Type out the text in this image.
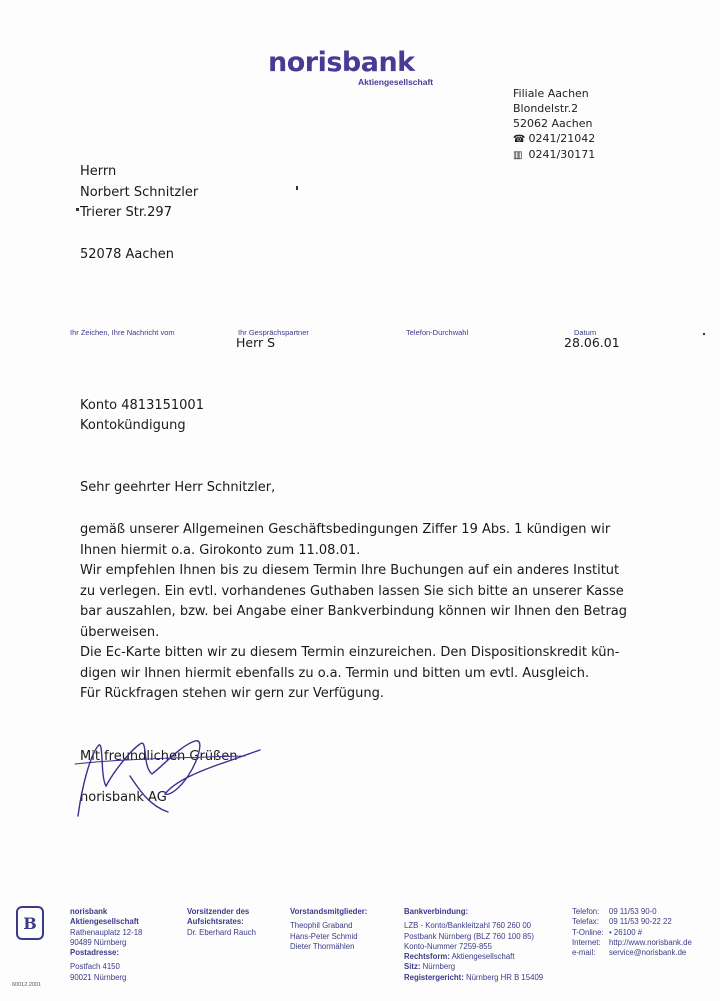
norisbank
Aktiengesellschaft
Filiale Aachen
Blondelstr.2
52062 Aachen
☎ 0241/21042
▥ 0241/30171
Herrn
Norbert Schnitzler
Trierer Str.297
52078 Aachen
Ihr Zeichen, Ihre Nachricht vom	Ihr Gesprächspartner
Herr S
Telefon-Durchwahl	Datum
28.06.01
Konto 4813151001
Kontokündigung
Sehr geehrter Herr Schnitzler,
gemäß unserer Allgemeinen Geschäftsbedingungen Ziffer 19 Abs. 1 kündigen wir
Ihnen hiermit o.a. Girokonto zum 11.08.01.
Wir empfehlen Ihnen bis zu diesem Termin Ihre Buchungen auf ein anderes Institut
zu verlegen. Ein evtl. vorhandenes Guthaben lassen Sie sich bitte an unserer Kasse
bar auszahlen, bzw. bei Angabe einer Bankverbindung können wir Ihnen den Betrag
überweisen.
Die Ec-Karte bitten wir zu diesem Termin einzureichen. Den Dispositionskredit kün-
digen wir Ihnen hiermit ebenfalls zu o.a. Termin und bitten um evtl. Ausgleich.
Für Rückfragen stehen wir gern zur Verfügung.
Mit freundlichen Grüßen
norisbank AG
B
60012.2001
norisbank
Aktiengesellschaft
Rathenauplatz 12-18
90489 Nürnberg
Postadresse:
Postfach 4150
90021 Nürnberg
Vorsitzender des
Aufsichtsrates:
Dr. Eberhard Rauch
Vorstandsmitglieder:
Theophil Graband
Hans-Peter Schmid
Dieter Thormählen
Bankverbindung:
LZB - Konto/Bankleitzahl 760 260 00
Postbank Nürnberg (BLZ 760 100 85)
Konto-Nummer 7259-855
Rechtsform: Aktiengesellschaft
Sitz: Nürnberg
Registergericht: Nürnberg HR B 15409
Telefon: 09 11/53 90-0
Telefax: 09 11/53 90-22 22
T-Online: • 26100 #
Internet: http://www.norisbank.de
e-mail: service@norisbank.de
